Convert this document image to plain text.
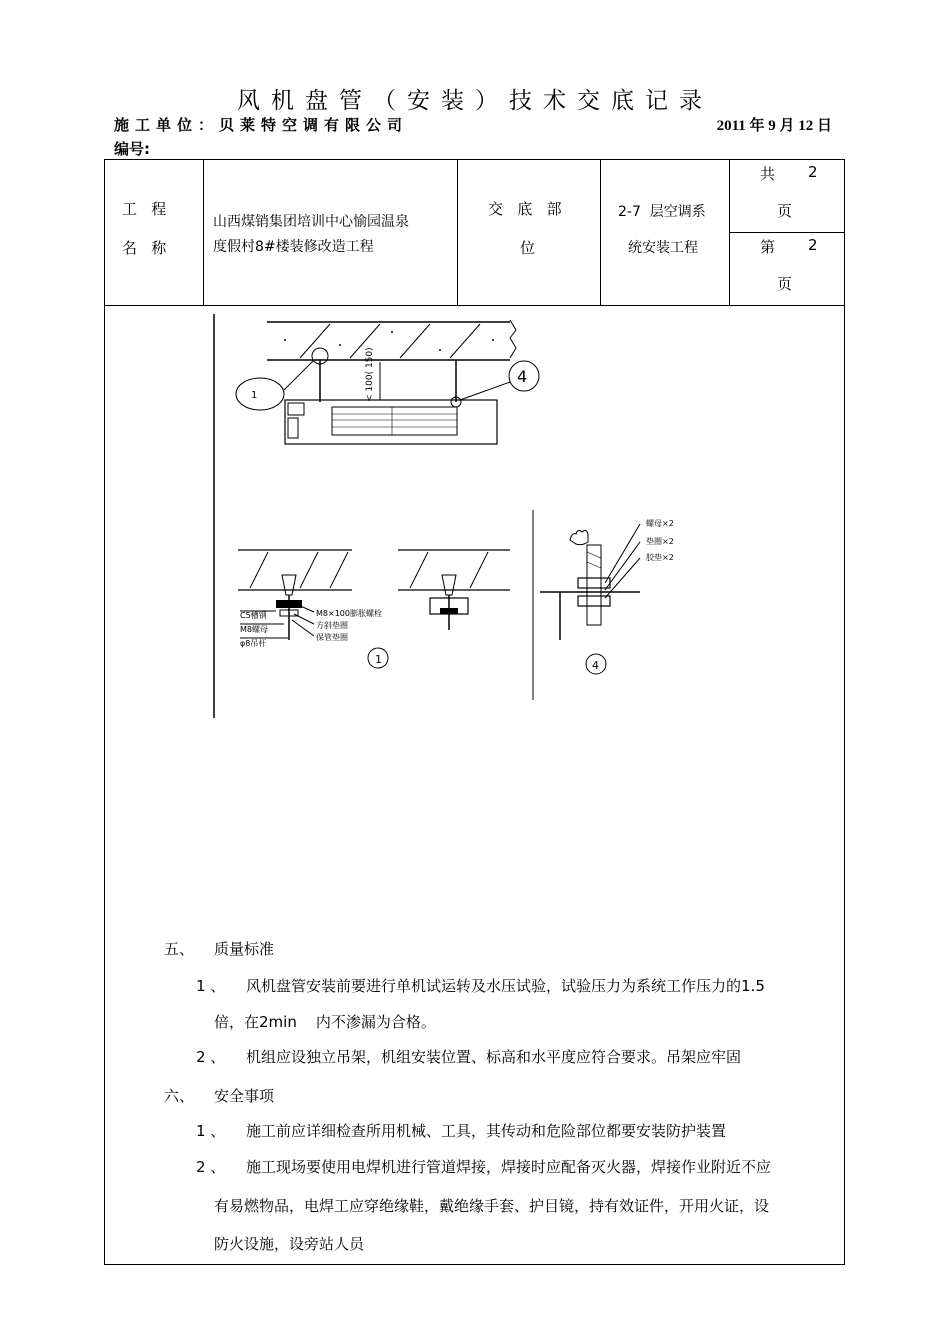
风机盘管（安装）技术交底记录
施工单位：贝莱特空调有限公司	2011 年 9 月 12 日
编号:
工   程
名   称
山西煤销集团培训中心愉园温泉
度假村8#楼装修改造工程
交   底   部
位
2-7  层空调系
统安装工程
共 2
页
第 2
页
< 100( 150)
1
4
C5槽钢
M8螺母
φ8吊杆
M8×100膨胀螺栓
方斜垫圈
保管垫圈
1
螺母×2
垫圈×2
胶垫×2
4
五、 质量标准
1 、 风机盘管安装前要进行单机试运转及水压试验，试验压力为系统工作压力的1.5
倍，在2min    内不渗漏为合格。
2 、 机组应设独立吊架，机组安装位置、标高和水平度应符合要求。吊架应牢固
六、 安全事项
1 、 施工前应详细检查所用机械、工具，其传动和危险部位都要安装防护装置
2 、 施工现场要使用电焊机进行管道焊接，焊接时应配备灭火器，焊接作业附近不应
有易燃物品，电焊工应穿绝缘鞋，戴绝缘手套、护目镜，持有效证件，开用火证，设
防火设施，设旁站人员
